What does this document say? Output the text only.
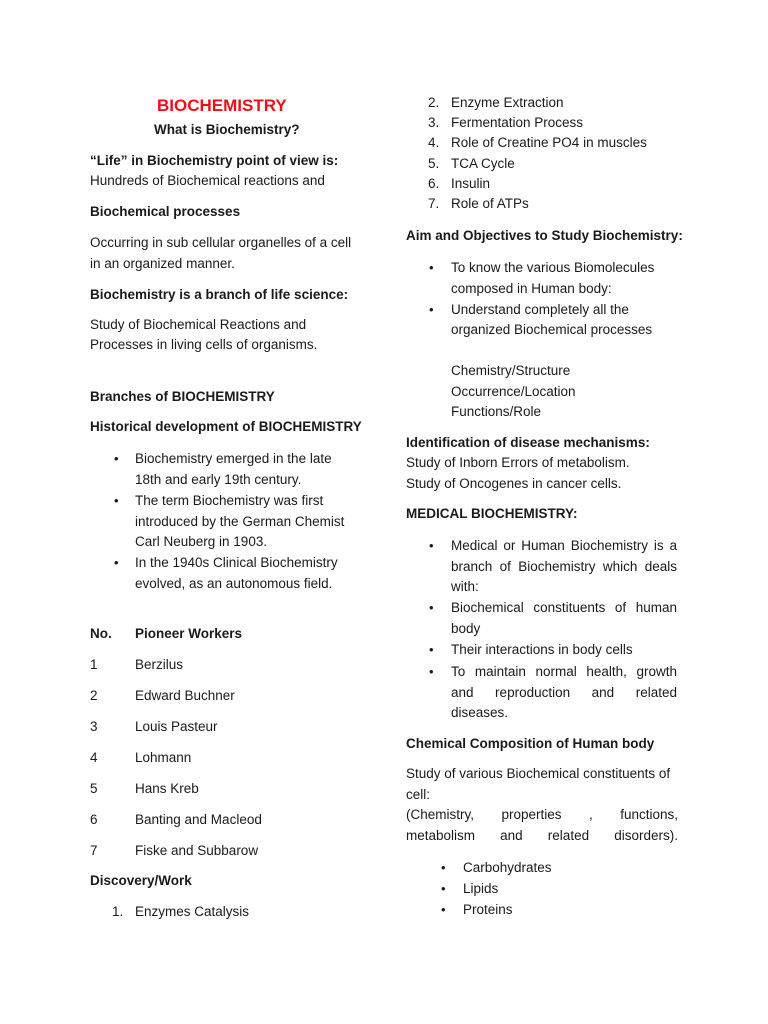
BIOCHEMISTRY
What is Biochemistry?
“Life” in Biochemistry point of view is:
Hundreds of Biochemical reactions and
Biochemical processes
Occurring in sub cellular organelles of a cell
in an organized manner.
Biochemistry is a branch of life science:
Study of Biochemical Reactions and
Processes in living cells of organisms.
Branches of BIOCHEMISTRY
Historical development of BIOCHEMISTRY
• Biochemistry emerged in the late
18th and early 19th century.
• The term Biochemistry was first
introduced by the German Chemist
Carl Neuberg in 1903.
• In the 1940s Clinical Biochemistry
evolved, as an autonomous field.
No. Pioneer Workers
1	Berzilus
2	Edward Buchner
3	Louis Pasteur
4	Lohmann
5	Hans Kreb
6	Banting and Macleod
7	Fiske and Subbarow
Discovery/Work
1. Enzymes Catalysis
2. Enzyme Extraction
3. Fermentation Process
4. Role of Creatine PO4 in muscles
5. TCA Cycle
6. Insulin
7. Role of ATPs
Aim and Objectives to Study Biochemistry:
• To know the various Biomolecules
composed in Human body:
• Understand completely all the
organized Biochemical processes
Chemistry/Structure
Occurrence/Location
Functions/Role
Identification of disease mechanisms:
Study of Inborn Errors of metabolism.
Study of Oncogenes in cancer cells.
MEDICAL BIOCHEMISTRY:
• Medical or Human Biochemistry is a branch of Biochemistry which deals with:
• Biochemical constituents of human body
• Their interactions in body cells
• To maintain normal health, growth and reproduction and related diseases.
Chemical Composition of Human body
Study of various Biochemical constituents of cell:
(Chemistry, properties , functions, metabolism and related disorders).
• Carbohydrates
• Lipids
• Proteins
